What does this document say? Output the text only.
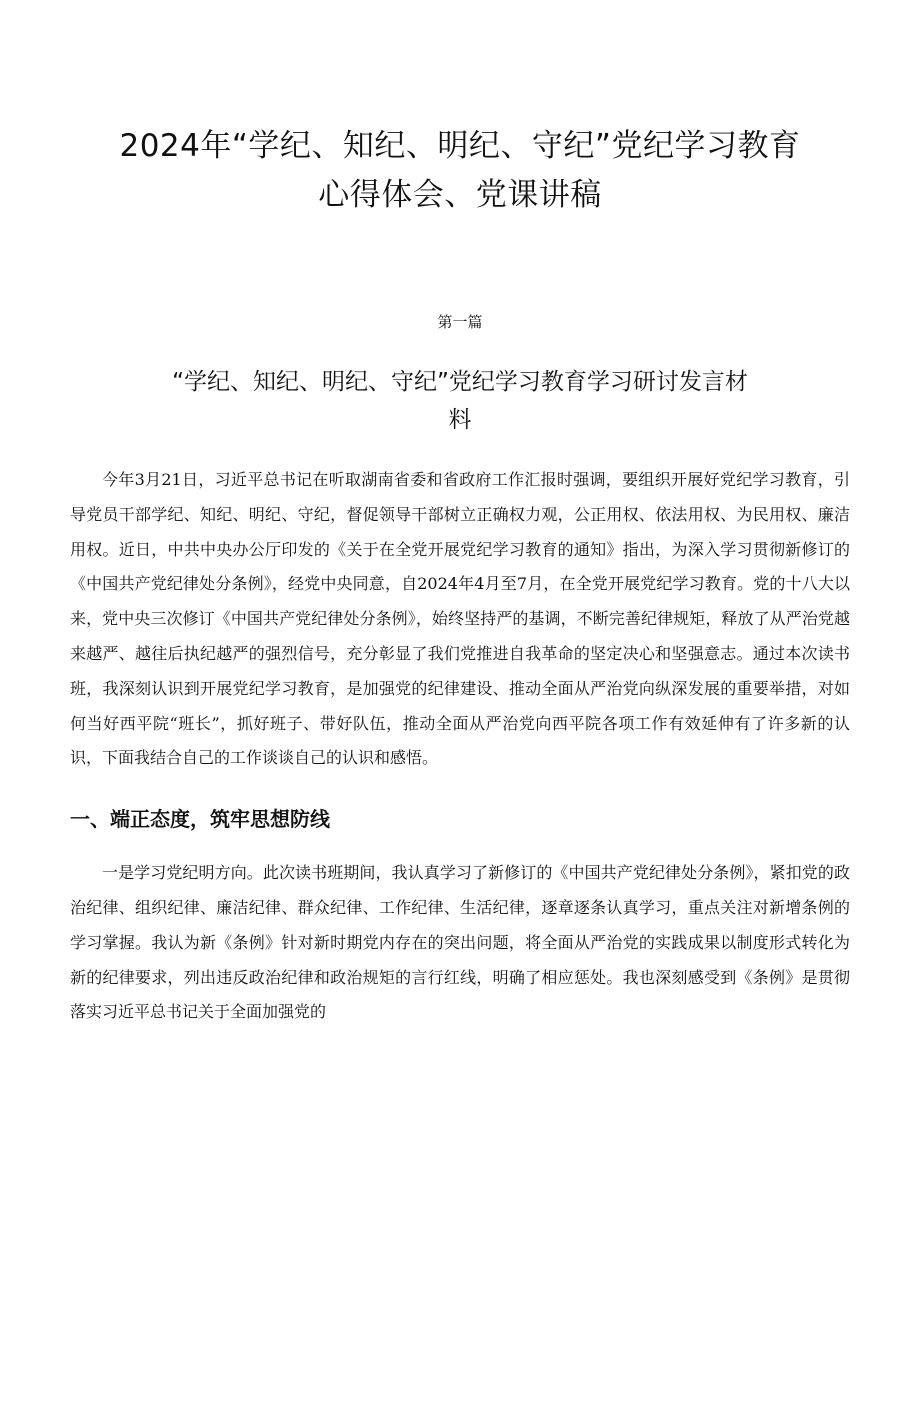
2024年“学纪、知纪、明纪、守纪”党纪学习教育
心得体会、党课讲稿
第一篇
“学纪、知纪、明纪、守纪”党纪学习教育学习研讨发言材
料

今年3月21日，习近平总书记在听取湖南省委和省政府工作汇报时强调，要组织开展好党纪学习教育，引导党员干部学纪、知纪、明纪、守纪，督促领导干部树立正确权力观，公正用权、依法用权、为民用权、廉洁用权。近日，中共中央办公厅印发的《关于在全党开展党纪学习教育的通知》指出，为深入学习贯彻新修订的《中国共产党纪律处分条例》，经党中央同意，自2024年4月至7月，在全党开展党纪学习教育。党的十八大以来，党中央三次修订《中国共产党纪律处分条例》，始终坚持严的基调，不断完善纪律规矩，释放了从严治党越来越严、越往后执纪越严的强烈信号，充分彰显了我们党推进自我革命的坚定决心和坚强意志。通过本次读书班，我深刻认识到开展党纪学习教育，是加强党的纪律建设、推动全面从严治党向纵深发展的重要举措，对如何当好西平院“班长”，抓好班子、带好队伍，推动全面从严治党向西平院各项工作有效延伸有了许多新的认识，下面我结合自己的工作谈谈自己的认识和感悟。

一、端正态度，筑牢思想防线

一是学习党纪明方向。此次读书班期间，我认真学习了新修订的《中国共产党纪律处分条例》，紧扣党的政治纪律、组织纪律、廉洁纪律、群众纪律、工作纪律、生活纪律，逐章逐条认真学习，重点关注对新增条例的学习掌握。我认为新《条例》针对新时期党内存在的突出问题，将全面从严治党的实践成果以制度形式转化为新的纪律要求，列出违反政治纪律和政治规矩的言行红线，明确了相应惩处。我也深刻感受到《条例》是贯彻落实习近平总书记关于全面加强党的
